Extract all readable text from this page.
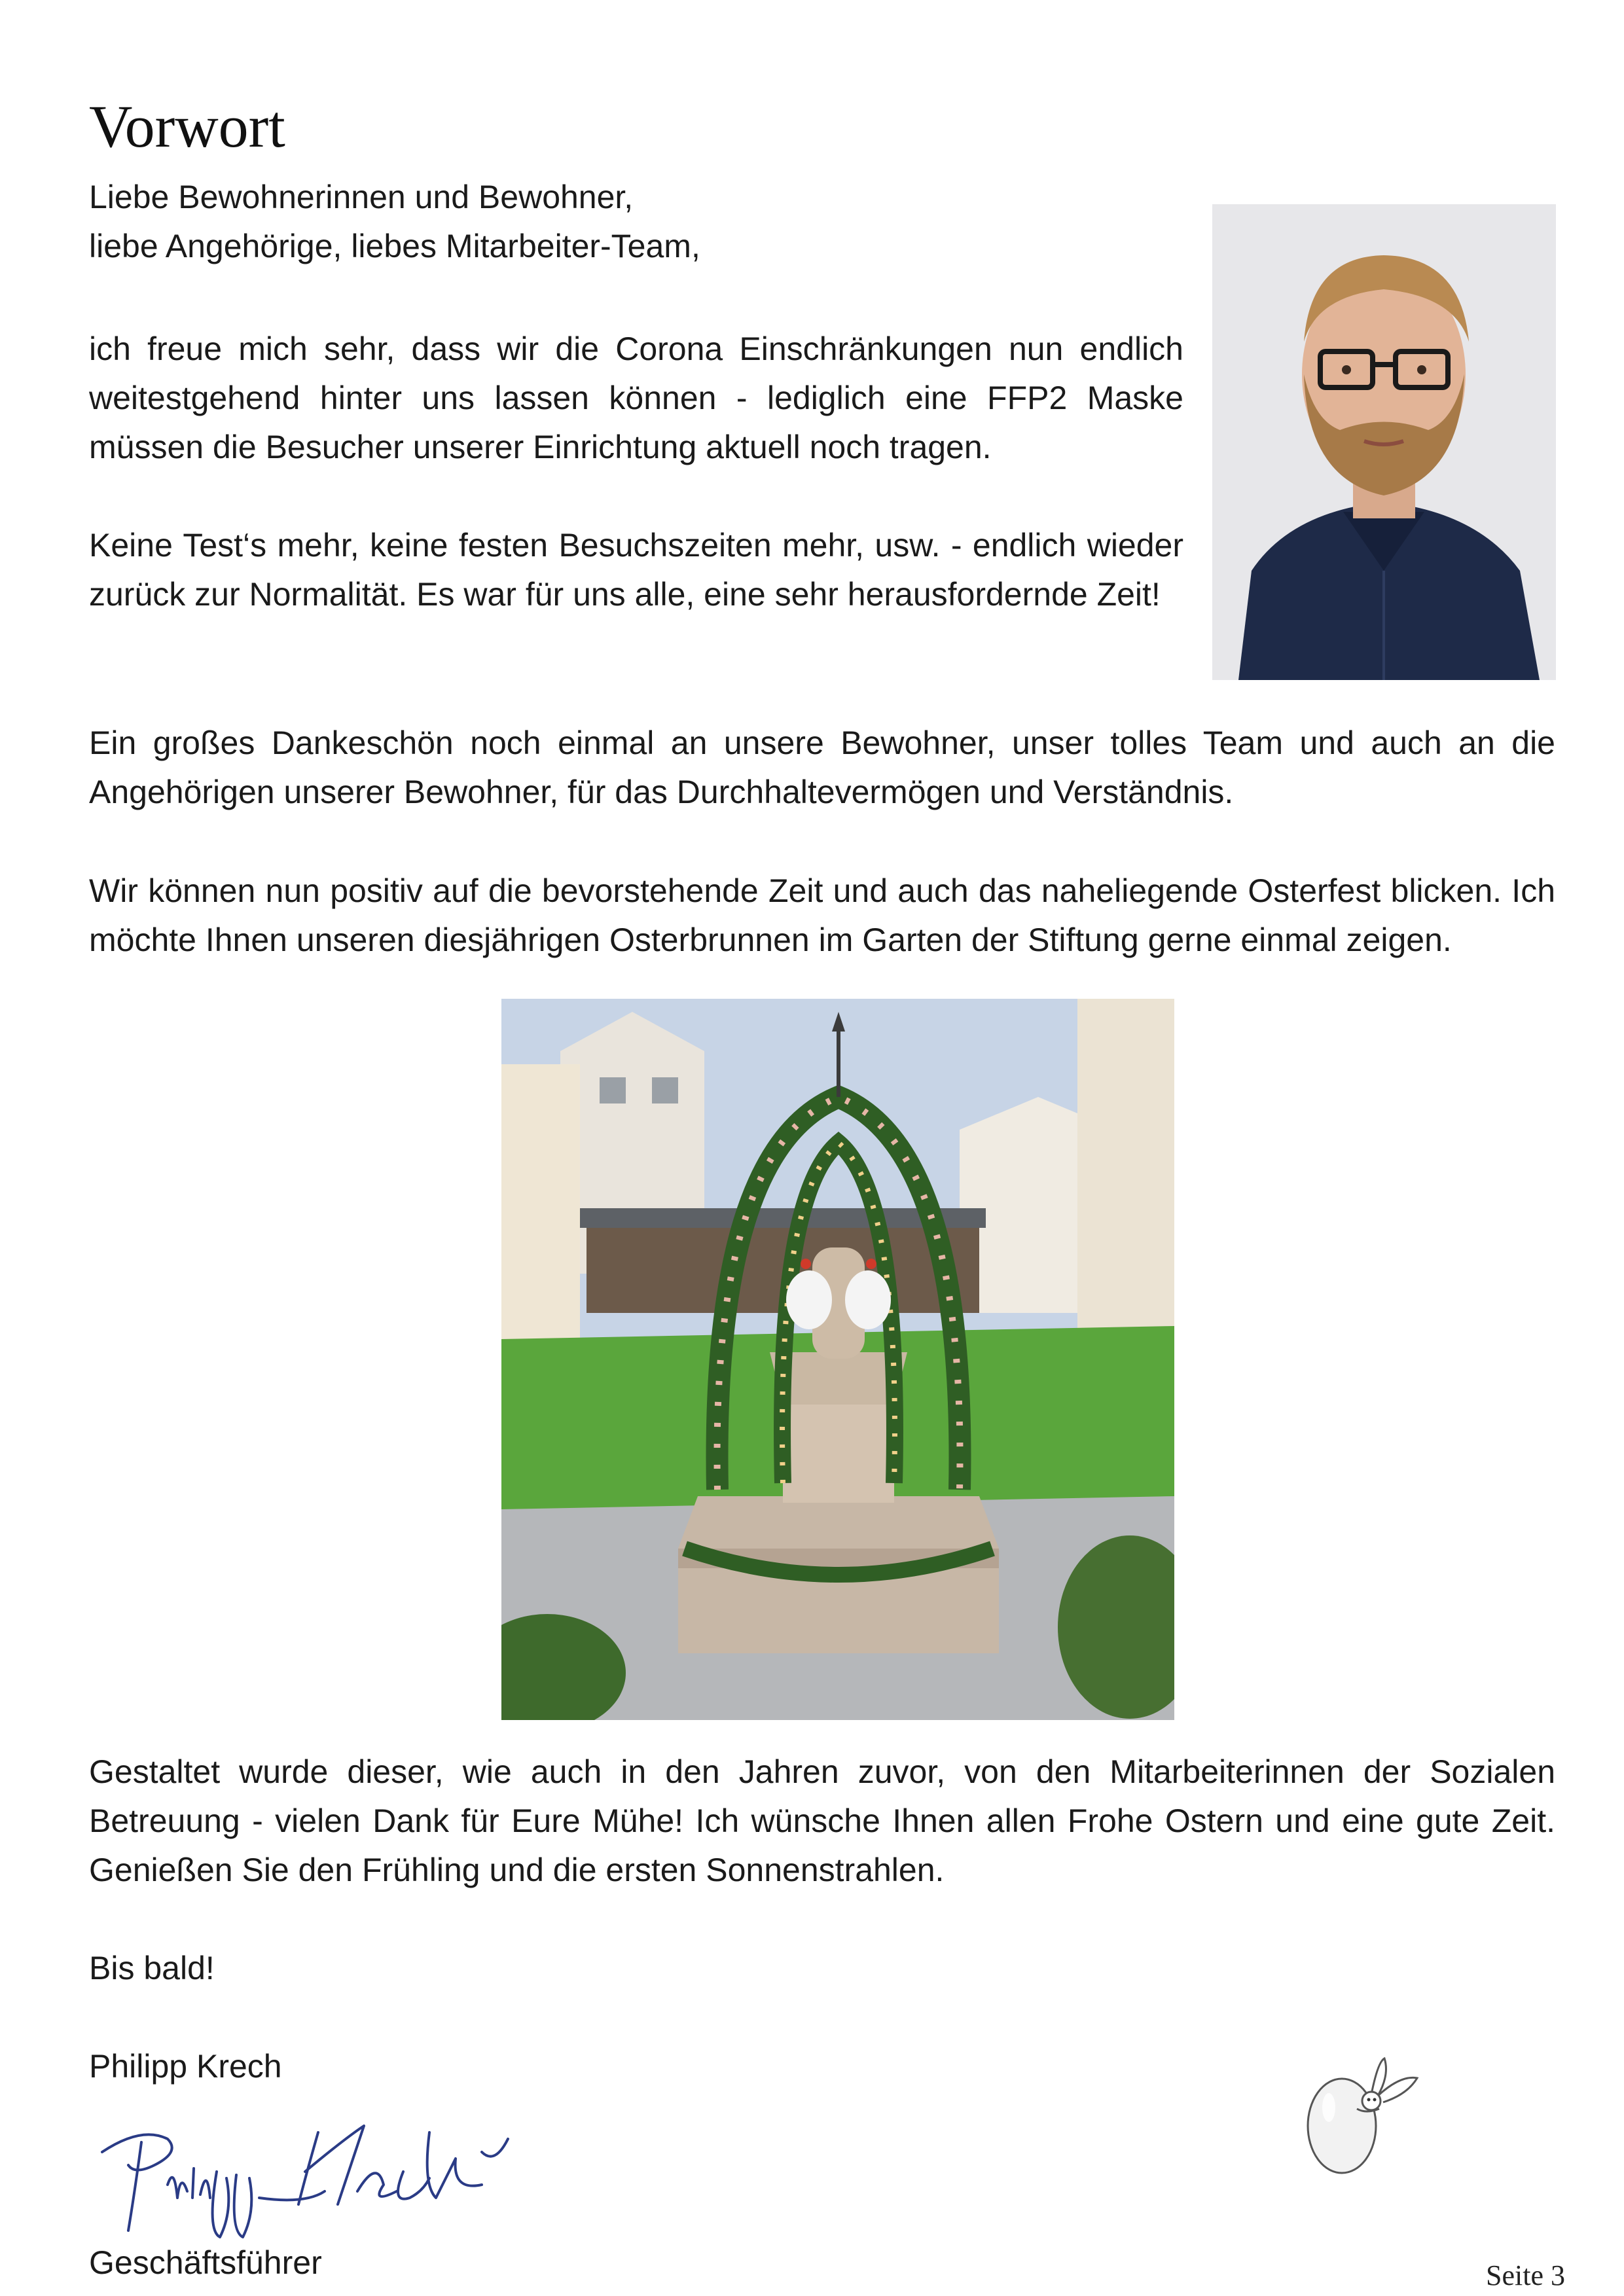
Vorwort

Liebe Bewohnerinnen und Bewohner,

liebe Angehörige, liebes Mitarbeiter-Team,

ich freue mich sehr, dass wir die Corona Einschränkungen nun endlich weitestgehend hinter uns lassen können - lediglich eine FFP2 Maske müssen die Besucher unserer Einrichtung aktuell noch tragen.

Keine Test‘s mehr, keine festen Besuchszeiten mehr, usw. - endlich wieder zurück zur Normalität. Es war für uns alle, eine sehr herausfordernde Zeit!

Ein großes Dankeschön noch einmal an unsere Bewohner, unser tolles Team und auch an die Angehörigen unserer Bewohner, für das Durchhaltevermögen und Verständnis.

Wir können nun positiv auf die bevorstehende Zeit und auch das naheliegende Osterfest blicken. Ich möchte Ihnen unseren diesjährigen Osterbrunnen im Garten der Stiftung gerne einmal zeigen.

Gestaltet wurde dieser, wie auch in den Jahren zuvor, von den Mitarbeiterinnen der Sozialen Betreuung - vielen Dank für Eure Mühe! Ich wünsche Ihnen allen Frohe Ostern und eine gute Zeit. Genießen Sie den Frühling und die ersten Sonnenstrahlen.

Bis bald!

Philipp Krech

Geschäftsführer	Seite 3
